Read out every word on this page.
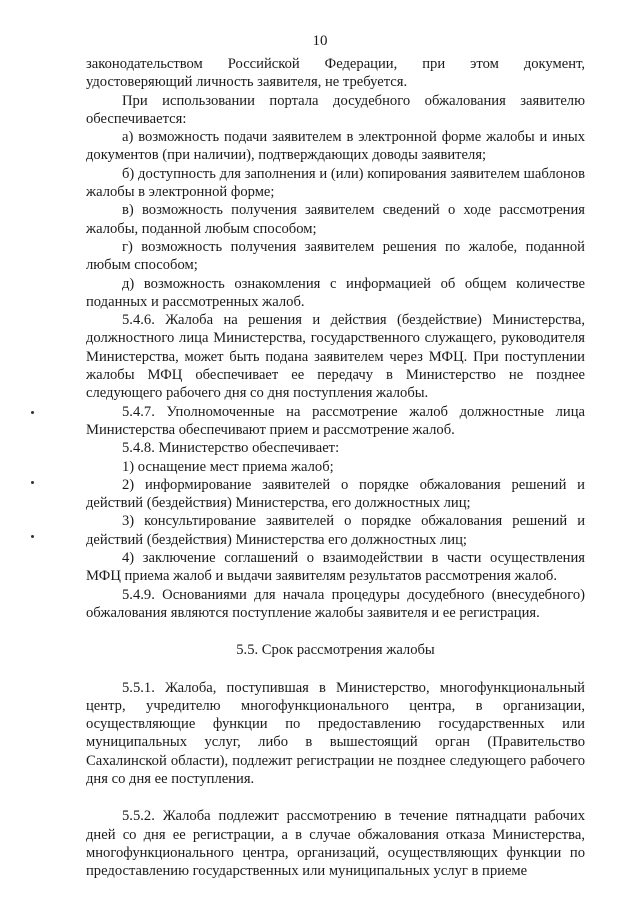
10

законодательством Российской Федерации, при этом документ, удостоверяющий личность заявителя, не требуется.

При использовании портала досудебного обжалования заявителю обеспечивается:

а) возможность подачи заявителем в электронной форме жалобы и иных документов (при наличии), подтверждающих доводы заявителя;

б) доступность для заполнения и (или) копирования заявителем шаблонов жалобы в электронной форме;

в) возможность получения заявителем сведений о ходе рассмотрения жалобы, поданной любым способом;

г) возможность получения заявителем решения по жалобе, поданной любым способом;

д) возможность ознакомления с информацией об общем количестве поданных и рассмотренных жалоб.

5.4.6. Жалоба на решения и действия (бездействие) Министерства, должностного лица Министерства, государственного служащего, руководителя Министерства, может быть подана заявителем через МФЦ. При поступлении жалобы МФЦ обеспечивает ее передачу в Министерство не позднее следующего рабочего дня со дня поступления жалобы.

5.4.7. Уполномоченные на рассмотрение жалоб должностные лица Министерства обеспечивают прием и рассмотрение жалоб.

5.4.8. Министерство обеспечивает:

1) оснащение мест приема жалоб;

2) информирование заявителей о порядке обжалования решений и действий (бездействия) Министерства, его должностных лиц;

3) консультирование заявителей о порядке обжалования решений и действий (бездействия) Министерства его должностных лиц;

4) заключение соглашений о взаимодействии в части осуществления МФЦ приема жалоб и выдачи заявителям результатов рассмотрения жалоб.

5.4.9. Основаниями для начала процедуры досудебного (внесудебного) обжалования являются поступление жалобы заявителя и ее регистрация.

5.5. Срок рассмотрения жалобы

5.5.1. Жалоба, поступившая в Министерство, многофункциональный центр, учредителю многофункционального центра, в организации, осуществляющие функции по предоставлению государственных или муниципальных услуг, либо в вышестоящий орган (Правительство Сахалинской области), подлежит регистрации не позднее следующего рабочего дня со дня ее поступления.

5.5.2. Жалоба подлежит рассмотрению в течение пятнадцати рабочих дней со дня ее регистрации, а в случае обжалования отказа Министерства, многофункционального центра, организаций, осуществляющих функции по предоставлению государственных или муниципальных услуг в приеме
